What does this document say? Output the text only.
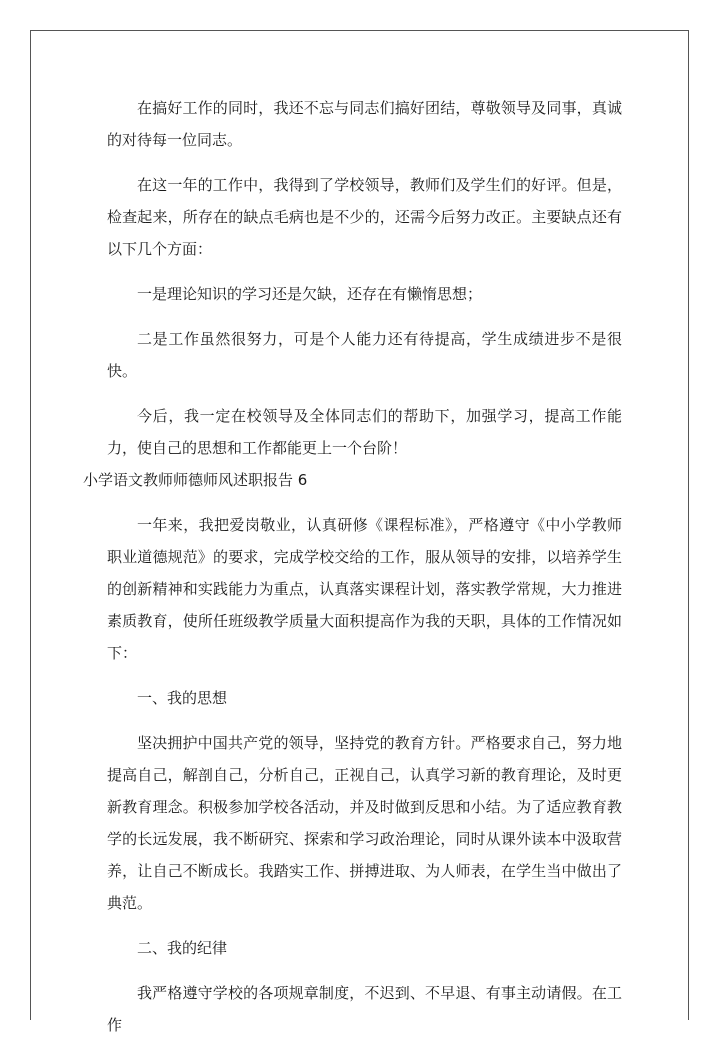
在搞好工作的同时，我还不忘与同志们搞好团结，尊敬领导及同事，真诚的对待每一位同志。

在这一年的工作中，我得到了学校领导，教师们及学生们的好评。但是，检查起来，所存在的缺点毛病也是不少的，还需今后努力改正。主要缺点还有以下几个方面：

一是理论知识的学习还是欠缺，还存在有懒惰思想；

二是工作虽然很努力，可是个人能力还有待提高，学生成绩进步不是很快。

今后，我一定在校领导及全体同志们的帮助下，加强学习，提高工作能力，使自己的思想和工作都能更上一个台阶！

小学语文教师师德师风述职报告 6

一年来，我把爱岗敬业，认真研修《课程标准》，严格遵守《中小学教师职业道德规范》的要求，完成学校交给的工作，服从领导的安排，以培养学生的创新精神和实践能力为重点，认真落实课程计划，落实教学常规，大力推进素质教育，使所任班级教学质量大面积提高作为我的天职，具体的工作情况如下：

一、我的思想

坚决拥护中国共产党的领导，坚持党的教育方针。严格要求自己，努力地提高自己，解剖自己，分析自己，正视自己，认真学习新的教育理论，及时更新教育理念。积极参加学校各活动，并及时做到反思和小结。为了适应教育教学的长远发展，我不断研究、探索和学习政治理论，同时从课外读本中汲取营养，让自己不断成长。我踏实工作、拼搏进取、为人师表，在学生当中做出了典范。

二、我的纪律

我严格遵守学校的各项规章制度，不迟到、不早退、有事主动请假。在工作
